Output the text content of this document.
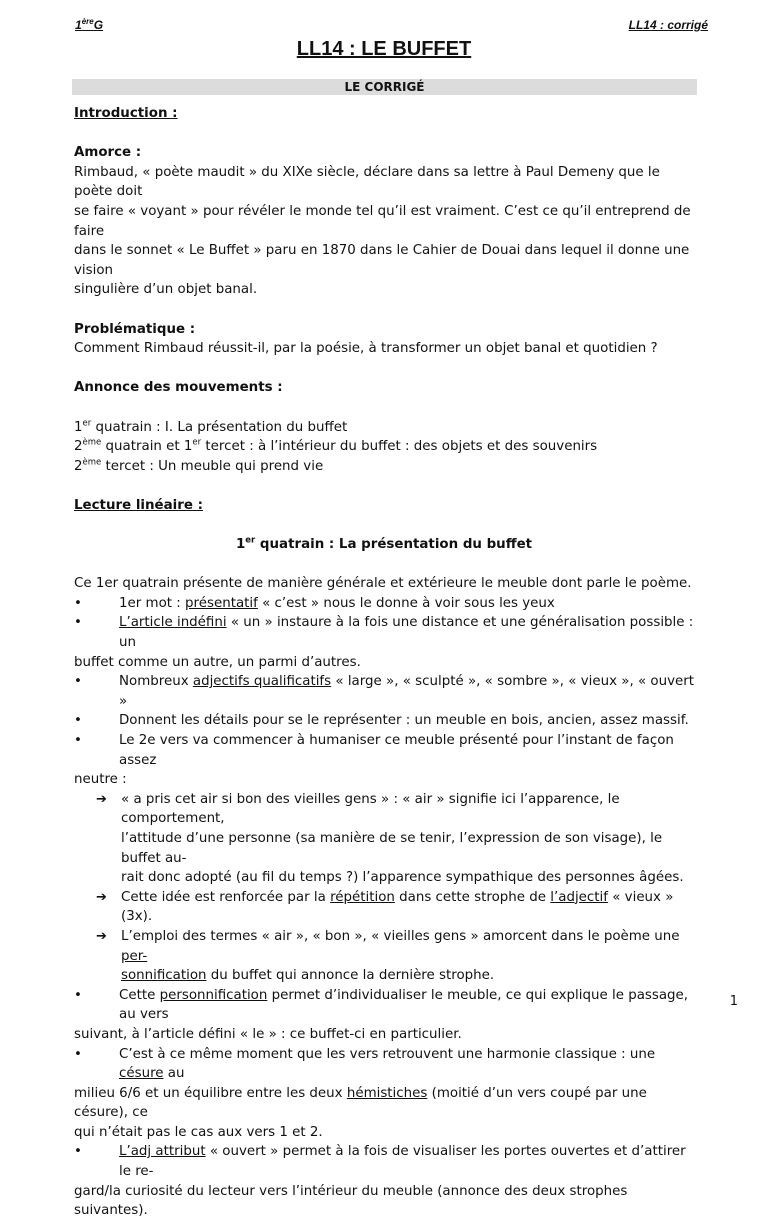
1èreG	LL14 : corrigé
LL14 : LE BUFFET
LE CORRIGÉ

Introduction :

Amorce :

Rimbaud, « poète maudit » du XIXe siècle, déclare dans sa lettre à Paul Demeny que le poète doit

se faire « voyant » pour révéler le monde tel qu’il est vraiment. C’est ce qu’il entreprend de faire

dans le sonnet « Le Buffet » paru en 1870 dans le Cahier de Douai dans lequel il donne une vision

singulière d’un objet banal.

Problématique :

Comment Rimbaud réussit-il, par la poésie, à transformer un objet banal et quotidien ?

Annonce des mouvements :

1er quatrain : I. La présentation du buffet

2ème quatrain et 1er tercet : à l’intérieur du buffet : des objets et des souvenirs

2ème tercet : Un meuble qui prend vie

Lecture linéaire :

1er quatrain : La présentation du buffet

Ce 1er quatrain présente de manière générale et extérieure le meuble dont parle le poème.

•	1er mot : présentatif « c’est » nous le donne à voir sous les yeux

•	L’article indéfini « un » instaure à la fois une distance et une généralisation possible : un

buffet comme un autre, un parmi d’autres.

•	Nombreux adjectifs qualificatifs « large », « sculpté », « sombre », « vieux », « ouvert »

•	Donnent les détails pour se le représenter : un meuble en bois, ancien, assez massif.

•	Le 2e vers va commencer à humaniser ce meuble présenté pour l’instant de façon assez

neutre :

➔ « a pris cet air si bon des vieilles gens » : « air » signifie ici l’apparence, le comportement,

l’attitude d’une personne (sa manière de se tenir, l’expression de son visage), le buffet au-

rait donc adopté (au fil du temps ?) l’apparence sympathique des personnes âgées.

➔ Cette idée est renforcée par la répétition dans cette strophe de l’adjectif « vieux » (3x).

➔ L’emploi des termes « air », « bon », « vieilles gens » amorcent dans le poème une per-

sonnification du buffet qui annonce la dernière strophe.

•	Cette personnification permet d’individualiser le meuble, ce qui explique le passage, au vers

suivant, à l’article défini « le » : ce buffet-ci en particulier.

•	C’est à ce même moment que les vers retrouvent une harmonie classique : une césure au

milieu 6/6 et un équilibre entre les deux hémistiches (moitié d’un vers coupé par une césure), ce

qui n’était pas le cas aux vers 1 et 2.

•	L’adj attribut « ouvert » permet à la fois de visualiser les portes ouvertes et d’attirer le re-

gard/la curiosité du lecteur vers l’intérieur du meuble (annonce des deux strophes suivantes).

1
